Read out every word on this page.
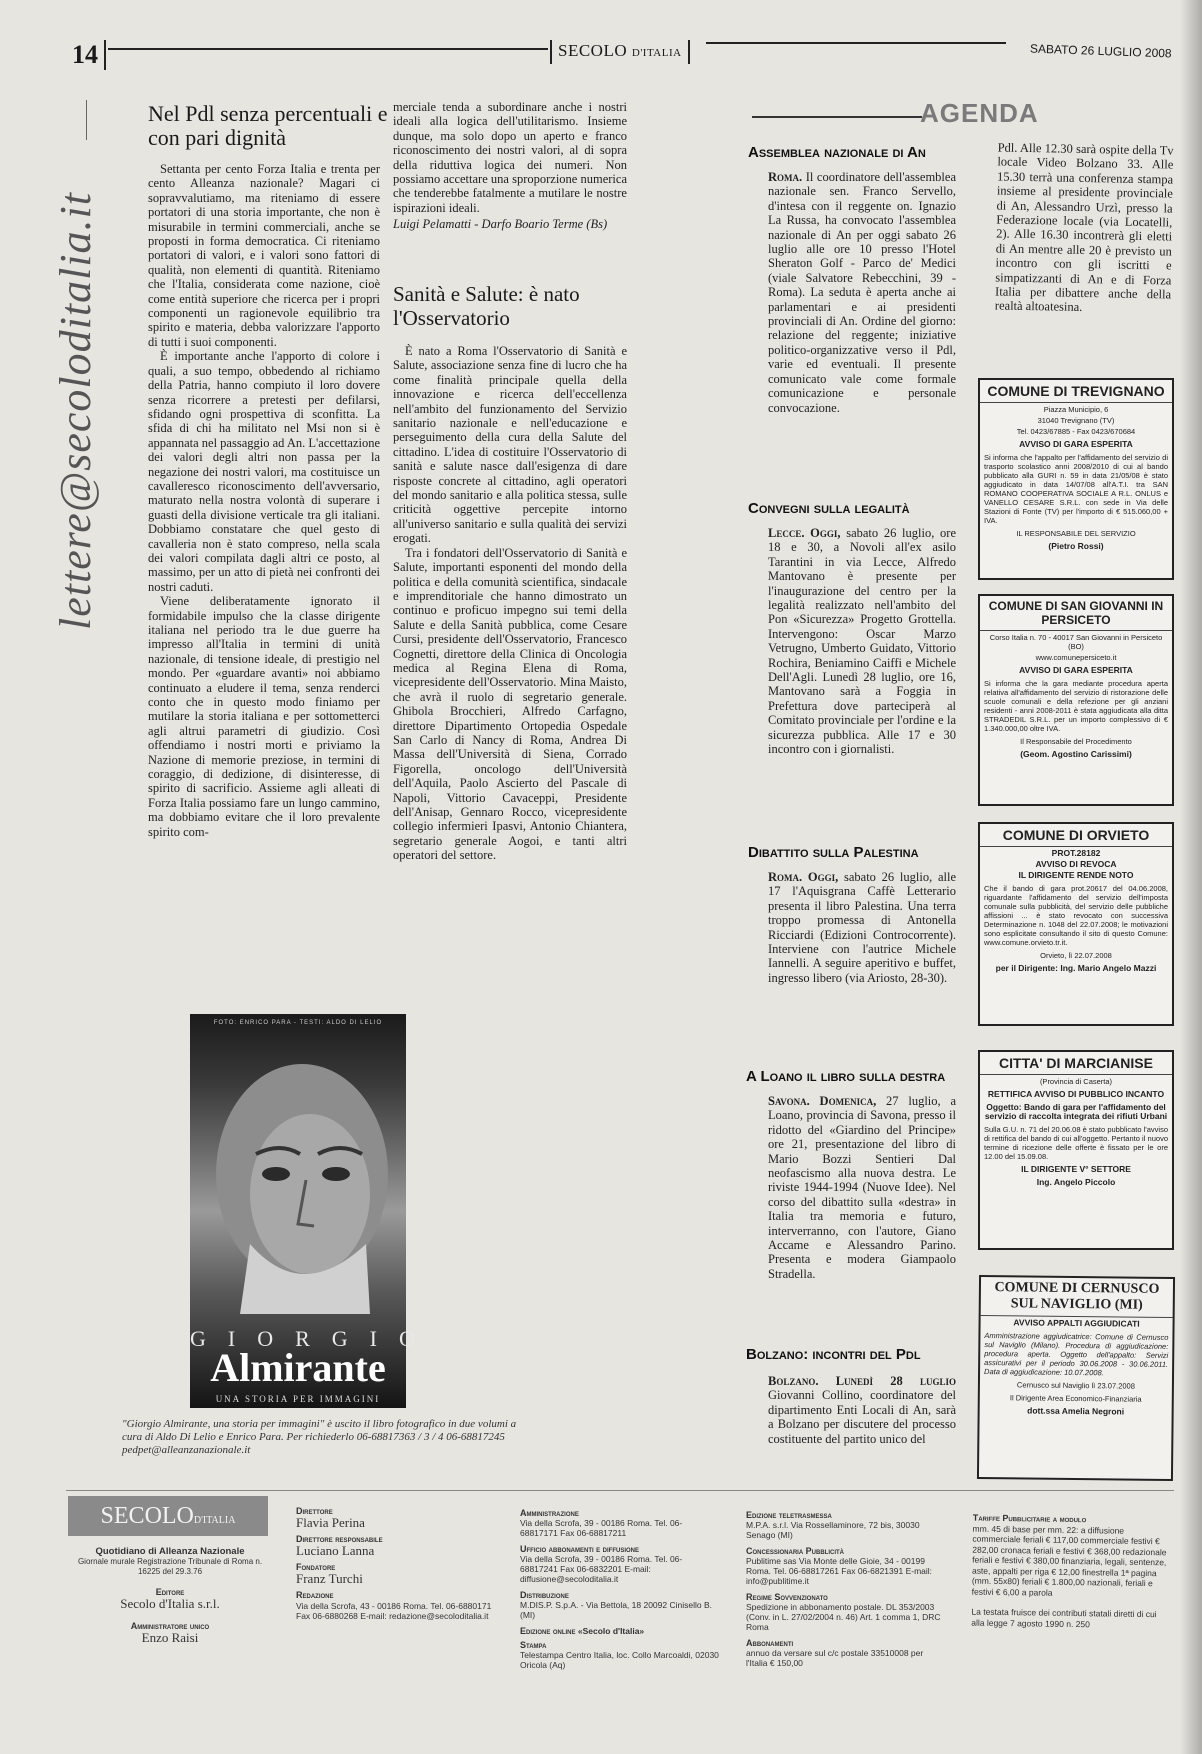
14	SECOLO D'ITALIA	SABATO 26 LUGLIO 2008
lettere@secoloditalia.it
Nel Pdl senza percentuali e con pari dignità

Settanta per cento Forza Italia e trenta per cento Alleanza nazionale? Magari ci sopravvalutiamo, ma riteniamo di essere portatori di una storia importante, che non è misurabile in termini commerciali, anche se proposti in forma democratica. Ci riteniamo portatori di valori, e i valori sono fattori di qualità, non elementi di quantità. Riteniamo che l'Italia, considerata come nazione, cioè come entità superiore che ricerca per i propri componenti un ragionevole equilibrio tra spirito e materia, debba valorizzare l'apporto di tutti i suoi componenti.

È importante anche l'apporto di colore i quali, a suo tempo, obbedendo al richiamo della Patria, hanno compiuto il loro dovere senza ricorrere a pretesti per defilarsi, sfidando ogni prospettiva di sconfitta. La sfida di chi ha militato nel Msi non si è appannata nel passaggio ad An. L'accettazione dei valori degli altri non passa per la negazione dei nostri valori, ma costituisce un cavalleresco riconoscimento dell'avversario, maturato nella nostra volontà di superare i guasti della divisione verticale tra gli italiani. Dobbiamo constatare che quel gesto di cavalleria non è stato compreso, nella scala dei valori compilata dagli altri ce posto, al massimo, per un atto di pietà nei confronti dei nostri caduti.

Viene deliberatamente ignorato il formidabile impulso che la classe dirigente italiana nel periodo tra le due guerre ha impresso all'Italia in termini di unità nazionale, di tensione ideale, di prestigio nel mondo. Per «guardare avanti» noi abbiamo continuato a eludere il tema, senza renderci conto che in questo modo finiamo per mutilare la storia italiana e per sottometterci agli altrui parametri di giudizio. Così offendiamo i nostri morti e priviamo la Nazione di memorie preziose, in termini di coraggio, di dedizione, di disinteresse, di spirito di sacrificio. Assieme agli alleati di Forza Italia possiamo fare un lungo cammino, ma dobbiamo evitare che il loro prevalente spirito com-

merciale tenda a subordinare anche i nostri ideali alla logica dell'utilitarismo. Insieme dunque, ma solo dopo un aperto e franco riconoscimento dei nostri valori, al di sopra della riduttiva logica dei numeri. Non possiamo accettare una sproporzione numerica che tenderebbe fatalmente a mutilare le nostre ispirazioni ideali.

Luigi Pelamatti - Darfo Boario Terme (Bs)

Sanità e Salute: è nato l'Osservatorio

È nato a Roma l'Osservatorio di Sanità e Salute, associazione senza fine di lucro che ha come finalità principale quella della innovazione e ricerca dell'eccellenza nell'ambito del funzionamento del Servizio sanitario nazionale e nell'educazione e perseguimento della cura della Salute del cittadino. L'idea di costituire l'Osservatorio di sanità e salute nasce dall'esigenza di dare risposte concrete al cittadino, agli operatori del mondo sanitario e alla politica stessa, sulle criticità oggettive percepite intorno all'universo sanitario e sulla qualità dei servizi erogati.

Tra i fondatori dell'Osservatorio di Sanità e Salute, importanti esponenti del mondo della politica e della comunità scientifica, sindacale e imprenditoriale che hanno dimostrato un continuo e proficuo impegno sui temi della Salute e della Sanità pubblica, come Cesare Cursi, presidente dell'Osservatorio, Francesco Cognetti, direttore della Clinica di Oncologia medica al Regina Elena di Roma, vicepresidente dell'Osservatorio. Mina Maisto, che avrà il ruolo di segretario generale. Ghibola Brocchieri, Alfredo Carfagno, direttore Dipartimento Ortopedia Ospedale San Carlo di Nancy di Roma, Andrea Di Massa dell'Università di Siena, Corrado Figorella, oncologo dell'Università dell'Aquila, Paolo Ascierto del Pascale di Napoli, Vittorio Cavaceppi, Presidente dell'Anisap, Gennaro Rocco, vicepresidente collegio infermieri Ipasvi, Antonio Chiantera, segretario generale Aogoi, e tanti altri operatori del settore.

FOTO: ENRICO PARA - TESTI: ALDO DI LELIO
GIORGIO
Almirante
UNA STORIA PER IMMAGINI
"Giorgio Almirante, una storia per immagini" è uscito il libro fotografico in due volumi a cura di Aldo Di Lelio e Enrico Para. Per richiederlo 06-68817363 / 3 / 4 06-68817245 pedpet@alleanzanazionale.it
AGENDA
Assemblea nazionale di An

Roma. Il coordinatore dell'assemblea nazionale sen. Franco Servello, d'intesa con il reggente on. Ignazio La Russa, ha convocato l'assemblea nazionale di An per oggi sabato 26 luglio alle ore 10 presso l'Hotel Sheraton Golf - Parco de' Medici (viale Salvatore Rebecchini, 39 - Roma). La seduta è aperta anche ai parlamentari e ai presidenti provinciali di An. Ordine del giorno: relazione del reggente; iniziative politico-organizzative verso il Pdl, varie ed eventuali. Il presente comunicato vale come formale comunicazione e personale convocazione.

Pdl. Alle 12.30 sarà ospite della Tv locale Video Bolzano 33. Alle 15.30 terrà una conferenza stampa insieme al presidente provinciale di An, Alessandro Urzì, presso la Federazione locale (via Locatelli, 2). Alle 16.30 incontrerà gli eletti di An mentre alle 20 è previsto un incontro con gli iscritti e simpatizzanti di An e di Forza Italia per dibattere anche della realtà altoatesina.
Convegni sulla legalità

Lecce. Oggi, sabato 26 luglio, ore 18 e 30, a Novoli all'ex asilo Tarantini in via Lecce, Alfredo Mantovano è presente per l'inaugurazione del centro per la legalità realizzato nell'ambito del Pon «Sicurezza» Progetto Grottella. Intervengono: Oscar Marzo Vetrugno, Umberto Guidato, Vittorio Rochira, Beniamino Caiffi e Michele Dell'Agli. Lunedì 28 luglio, ore 16, Mantovano sarà a Foggia in Prefettura dove parteciperà al Comitato provinciale per l'ordine e la sicurezza pubblica. Alle 17 e 30 incontro con i giornalisti.

Dibattito sulla Palestina

Roma. Oggi, sabato 26 luglio, alle 17 l'Aquisgrana Caffè Letterario presenta il libro Palestina. Una terra troppo promessa di Antonella Ricciardi (Edizioni Controcorrente). Interviene con l'autrice Michele Iannelli. A seguire aperitivo e buffet, ingresso libero (via Ariosto, 28-30).

A Loano il libro sulla destra

Savona. Domenica, 27 luglio, a Loano, provincia di Savona, presso il ridotto del «Giardino del Principe» ore 21, presentazione del libro di Mario Bozzi Sentieri Dal neofascismo alla nuova destra. Le riviste 1944-1994 (Nuove Idee). Nel corso del dibattito sulla «destra» in Italia tra memoria e futuro, interverranno, con l'autore, Giano Accame e Alessandro Parino. Presenta e modera Giampaolo Stradella.

Bolzano: incontri del Pdl

Bolzano. Lunedì 28 luglio Giovanni Collino, coordinatore del dipartimento Enti Locali di An, sarà a Bolzano per discutere del processo costituente del partito unico del

COMUNE DI TREVIGNANO
Piazza Municipio, 6
31040 Trevignano (TV)
Tel. 0423/67885 - Fax 0423/670684
AVVISO DI GARA ESPERITA
Si informa che l'appalto per l'affidamento del servizio di trasporto scolastico anni 2008/2010 di cui al bando pubblicato alla GURI n. 59 in data 21/05/08 è stato aggiudicato in data 14/07/08 all'A.T.I. tra SAN ROMANO COOPERATIVA SOCIALE A R.L. ONLUS e VANELLO CESARE S.R.L. con sede in Via delle Stazioni di Fonte (TV) per l'importo di € 515.060,00 + IVA.
IL RESPONSABILE DEL SERVIZIO
(Pietro Rossi)
COMUNE DI SAN GIOVANNI IN PERSICETO
Corso Italia n. 70 - 40017 San Giovanni in Persiceto (BO)
www.comunepersiceto.it
AVVISO DI GARA ESPERITA
Si informa che la gara mediante procedura aperta relativa all'affidamento del servizio di ristorazione delle scuole comunali e della refezione per gli anziani residenti - anni 2008-2011 è stata aggiudicata alla ditta STRADEDIL S.R.L. per un importo complessivo di € 1.340.000,00 oltre IVA.
Il Responsabile del Procedimento
(Geom. Agostino Carissimi)
COMUNE DI ORVIETO
PROT.28182
AVVISO DI REVOCA
IL DIRIGENTE RENDE NOTO
Che il bando di gara prot.20617 del 04.06.2008, riguardante l'affidamento del servizio dell'imposta comunale sulla pubblicità, del servizio delle pubbliche affissioni ... è stato revocato con successiva Determinazione n. 1048 del 22.07.2008; le motivazioni sono esplicitate consultando il sito di questo Comune: www.comune.orvieto.tr.it.
Orvieto, lì 22.07.2008
per il Dirigente: Ing. Mario Angelo Mazzi
CITTA' DI MARCIANISE
(Provincia di Caserta)
RETTIFICA AVVISO DI PUBBLICO INCANTO
Oggetto: Bando di gara per l'affidamento del servizio di raccolta integrata dei rifiuti Urbani
Sulla G.U. n. 71 del 20.06.08 è stato pubblicato l'avviso di rettifica del bando di cui all'oggetto. Pertanto il nuovo termine di ricezione delle offerte è fissato per le ore 12.00 del 15.09.08.
IL DIRIGENTE V° SETTORE
Ing. Angelo Piccolo
COMUNE DI CERNUSCO SUL NAVIGLIO (MI)
AVVISO APPALTI AGGIUDICATI
Amministrazione aggiudicatrice: Comune di Cernusco sul Naviglio (Milano). Procedura di aggiudicazione: procedura aperta. Oggetto dell'appalto: Servizi assicurativi per il periodo 30.06.2008 - 30.06.2011. Data di aggiudicazione: 10.07.2008.
Cernusco sul Naviglio lì 23.07.2008
Il Dirigente Area Economico-Finanziaria
dott.ssa Amelia Negroni
SECOLOD'ITALIA
Quotidiano di Alleanza Nazionale
Giornale murale Registrazione Tribunale di Roma n. 16225 del 29.3.76
Editore
Secolo d'Italia s.r.l.
Amministratore unico
Enzo Raisi
Direttore
Flavia Perina
Direttore responsabile
Luciano Lanna
Fondatore
Franz Turchi
Redazione
Via della Scrofa, 43 - 00186 Roma. Tel. 06-6880171 Fax 06-6880268 E-mail: redazione@secoloditalia.it
Amministrazione
Via della Scrofa, 39 - 00186 Roma. Tel. 06-68817171 Fax 06-68817211
Ufficio abbonamenti e diffusione
Via della Scrofa, 39 - 00186 Roma. Tel. 06-68817241 Fax 06-6832201 E-mail: diffusione@secoloditalia.it
Distribuzione
M.DIS.P. S.p.A. - Via Bettola, 18 20092 Cinisello B. (MI)
Edizione online «Secolo d'Italia»
Stampa
Telestampa Centro Italia, loc. Collo Marcoaldi, 02030 Oricola (Aq)
Edizione teletrasmessa
M.P.A. s.r.l. Via Rossellaminore, 72 bis, 30030 Senago (MI)
Concessionaria Pubblicità
Publitime sas Via Monte delle Gioie, 34 - 00199 Roma. Tel. 06-68817261 Fax 06-6821391 E-mail: info@publitime.it
Regime Sovvenzionato
Spedizione in abbonamento postale. DL 353/2003 (Conv. in L. 27/02/2004 n. 46) Art. 1 comma 1, DRC Roma
Abbonamenti
annuo da versare sul c/c postale 33510008 per l'Italia € 150,00
Tariffe Pubblicitarie a modulo
mm. 45 di base per mm. 22: a diffusione commerciale feriali € 117,00 commerciale festivi € 282,00 cronaca feriali e festivi € 368,00 redazionale feriali e festivi € 380,00 finanziaria, legali, sentenze, aste, appalti per riga € 12,00 finestrella 1ª pagina (mm. 55x80) feriali € 1.800,00 nazionali, feriali e festivi € 6,00 a parola
La testata fruisce dei contributi statali diretti di cui alla legge 7 agosto 1990 n. 250
